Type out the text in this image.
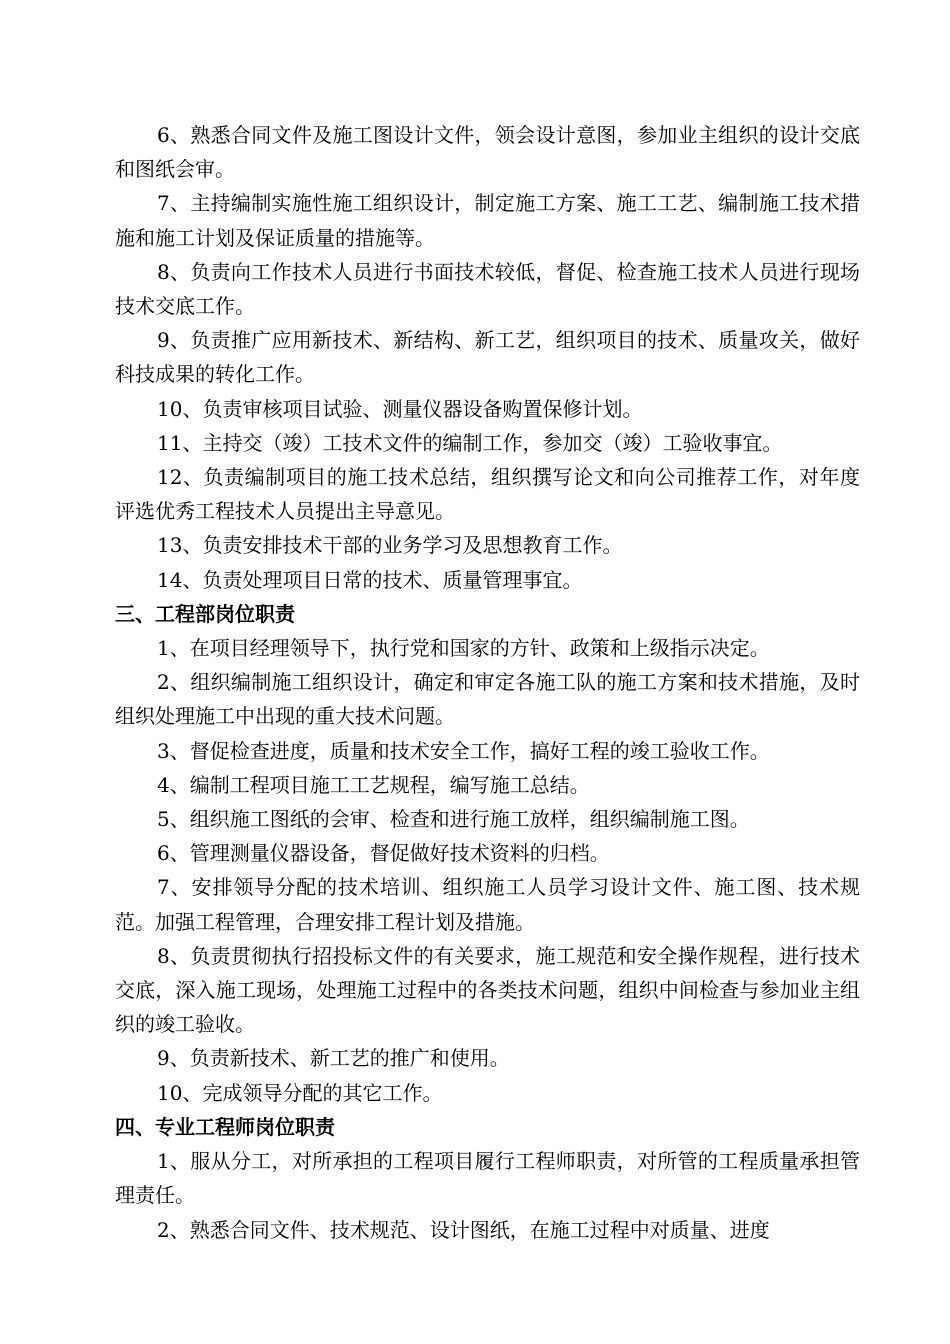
6、熟悉合同文件及施工图设计文件，领会设计意图，参加业主组织的设计交底和图纸会审。

7、主持编制实施性施工组织设计，制定施工方案、施工工艺、编制施工技术措施和施工计划及保证质量的措施等。

8、负责向工作技术人员进行书面技术较低，督促、检查施工技术人员进行现场技术交底工作。

9、负责推广应用新技术、新结构、新工艺，组织项目的技术、质量攻关，做好科技成果的转化工作。

10、负责审核项目试验、测量仪器设备购置保修计划。

11、主持交（竣）工技术文件的编制工作，参加交（竣）工验收事宜。

12、负责编制项目的施工技术总结，组织撰写论文和向公司推荐工作，对年度评选优秀工程技术人员提出主导意见。

13、负责安排技术干部的业务学习及思想教育工作。

14、负责处理项目日常的技术、质量管理事宜。

三、工程部岗位职责

1、在项目经理领导下，执行党和国家的方针、政策和上级指示决定。

2、组织编制施工组织设计，确定和审定各施工队的施工方案和技术措施，及时组织处理施工中出现的重大技术问题。

3、督促检查进度，质量和技术安全工作，搞好工程的竣工验收工作。

4、编制工程项目施工工艺规程，编写施工总结。

5、组织施工图纸的会审、检查和进行施工放样，组织编制施工图。

6、管理测量仪器设备，督促做好技术资料的归档。

7、安排领导分配的技术培训、组织施工人员学习设计文件、施工图、技术规范。加强工程管理，合理安排工程计划及措施。

8、负责贯彻执行招投标文件的有关要求，施工规范和安全操作规程，进行技术交底，深入施工现场，处理施工过程中的各类技术问题，组织中间检查与参加业主组织的竣工验收。

9、负责新技术、新工艺的推广和使用。

10、完成领导分配的其它工作。

四、专业工程师岗位职责

1、服从分工，对所承担的工程项目履行工程师职责，对所管的工程质量承担管理责任。

2、熟悉合同文件、技术规范、设计图纸，在施工过程中对质量、进度
